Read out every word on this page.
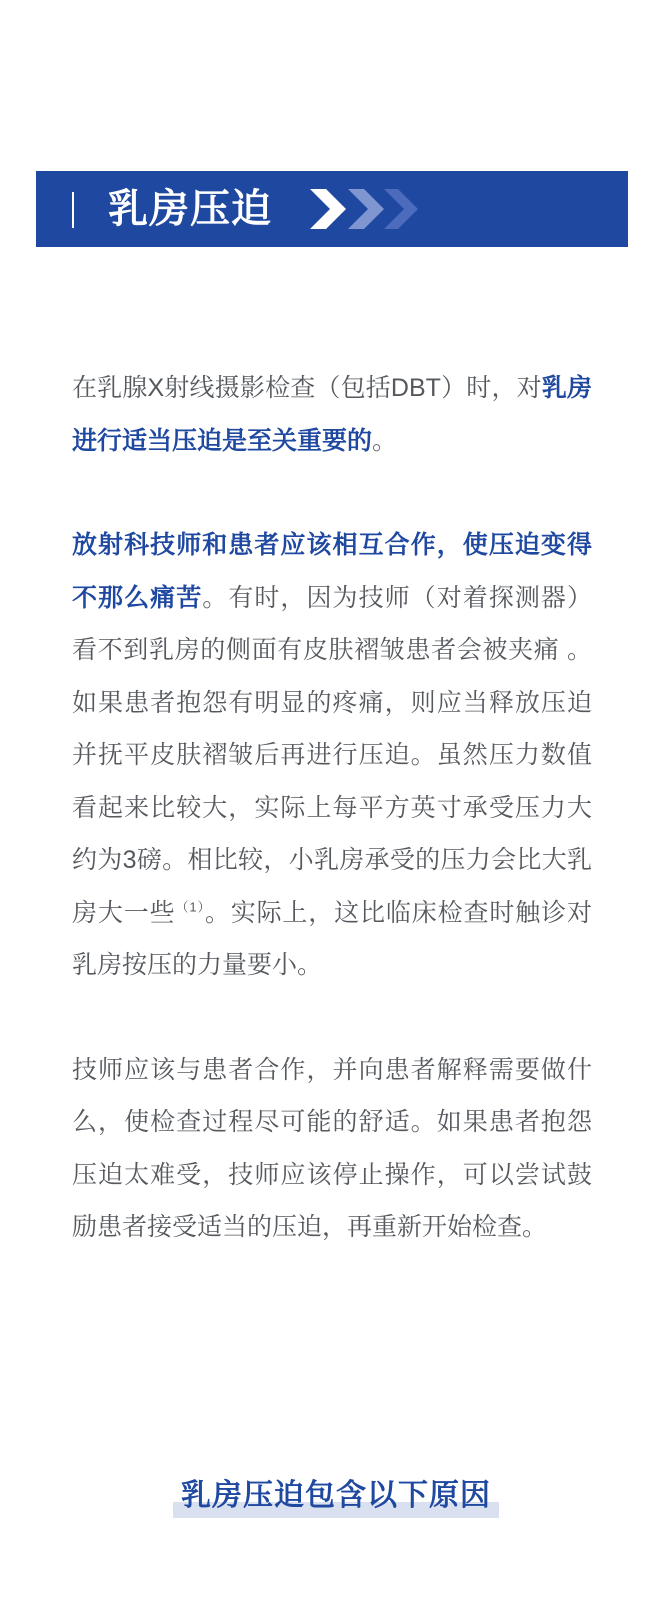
乳房压迫

在乳腺X射线摄影检查（包括DBT）时，对乳房进行适当压迫是至关重要的。

放射科技师和患者应该相互合作，使压迫变得不那么痛苦。有时，因为技师（对着探测器）看不到乳房的侧面有皮肤褶皱患者会被夹痛 。如果患者抱怨有明显的疼痛，则应当释放压迫并抚平皮肤褶皱后再进行压迫。虽然压力数值看起来比较大，实际上每平方英寸承受压力大约为3磅。相比较，小乳房承受的压力会比大乳房大一些$^{(1)}$。实际上，这比临床检查时触诊对乳房按压的力量要小。

技师应该与患者合作，并向患者解释需要做什么，使检查过程尽可能的舒适。如果患者抱怨压迫太难受，技师应该停止操作，可以尝试鼓励患者接受适当的压迫，再重新开始检查。

乳房压迫包含以下原因
